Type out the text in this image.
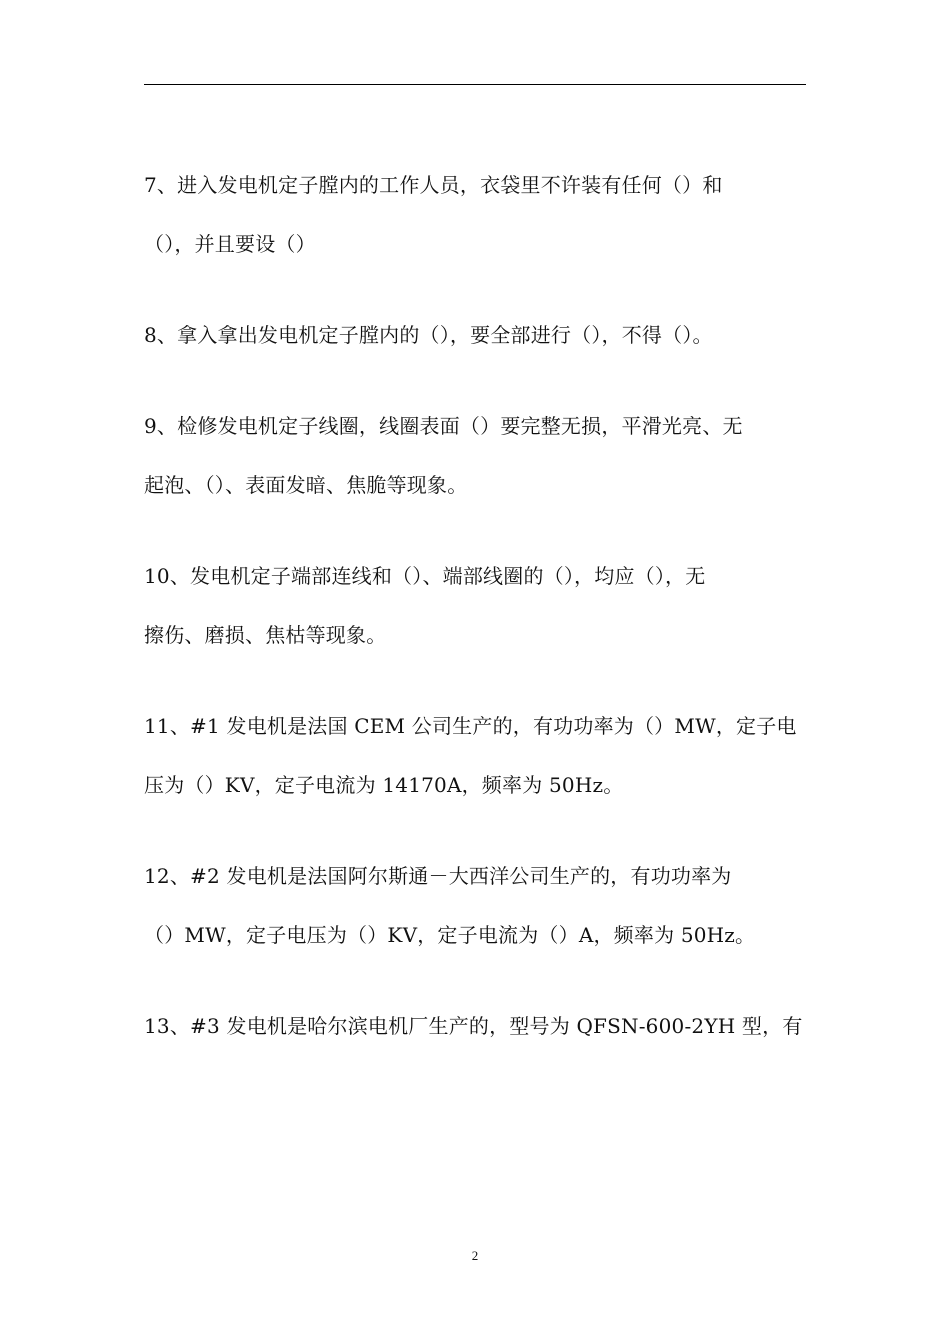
7、进入发电机定子膛内的工作人员，衣袋里不许装有任何（）和
（），并且要设（）
8、拿入拿出发电机定子膛内的（），要全部进行（），不得（）。
9、检修发电机定子线圈，线圈表面（）要完整无损，平滑光亮、无
起泡、（）、表面发暗、焦脆等现象。
10、发电机定子端部连线和（）、端部线圈的（），均应（），无
擦伤、磨损、焦枯等现象。
11、#1 发电机是法国 CEM 公司生产的，有功功率为（）MW，定子电
压为（）KV，定子电流为 14170A，频率为 50Hz。
12、#2 发电机是法国阿尔斯通－大西洋公司生产的，有功功率为
（）MW，定子电压为（）KV，定子电流为（）A，频率为 50Hz。
13、#3 发电机是哈尔滨电机厂生产的，型号为 QFSN-600-2YH 型，有
2
